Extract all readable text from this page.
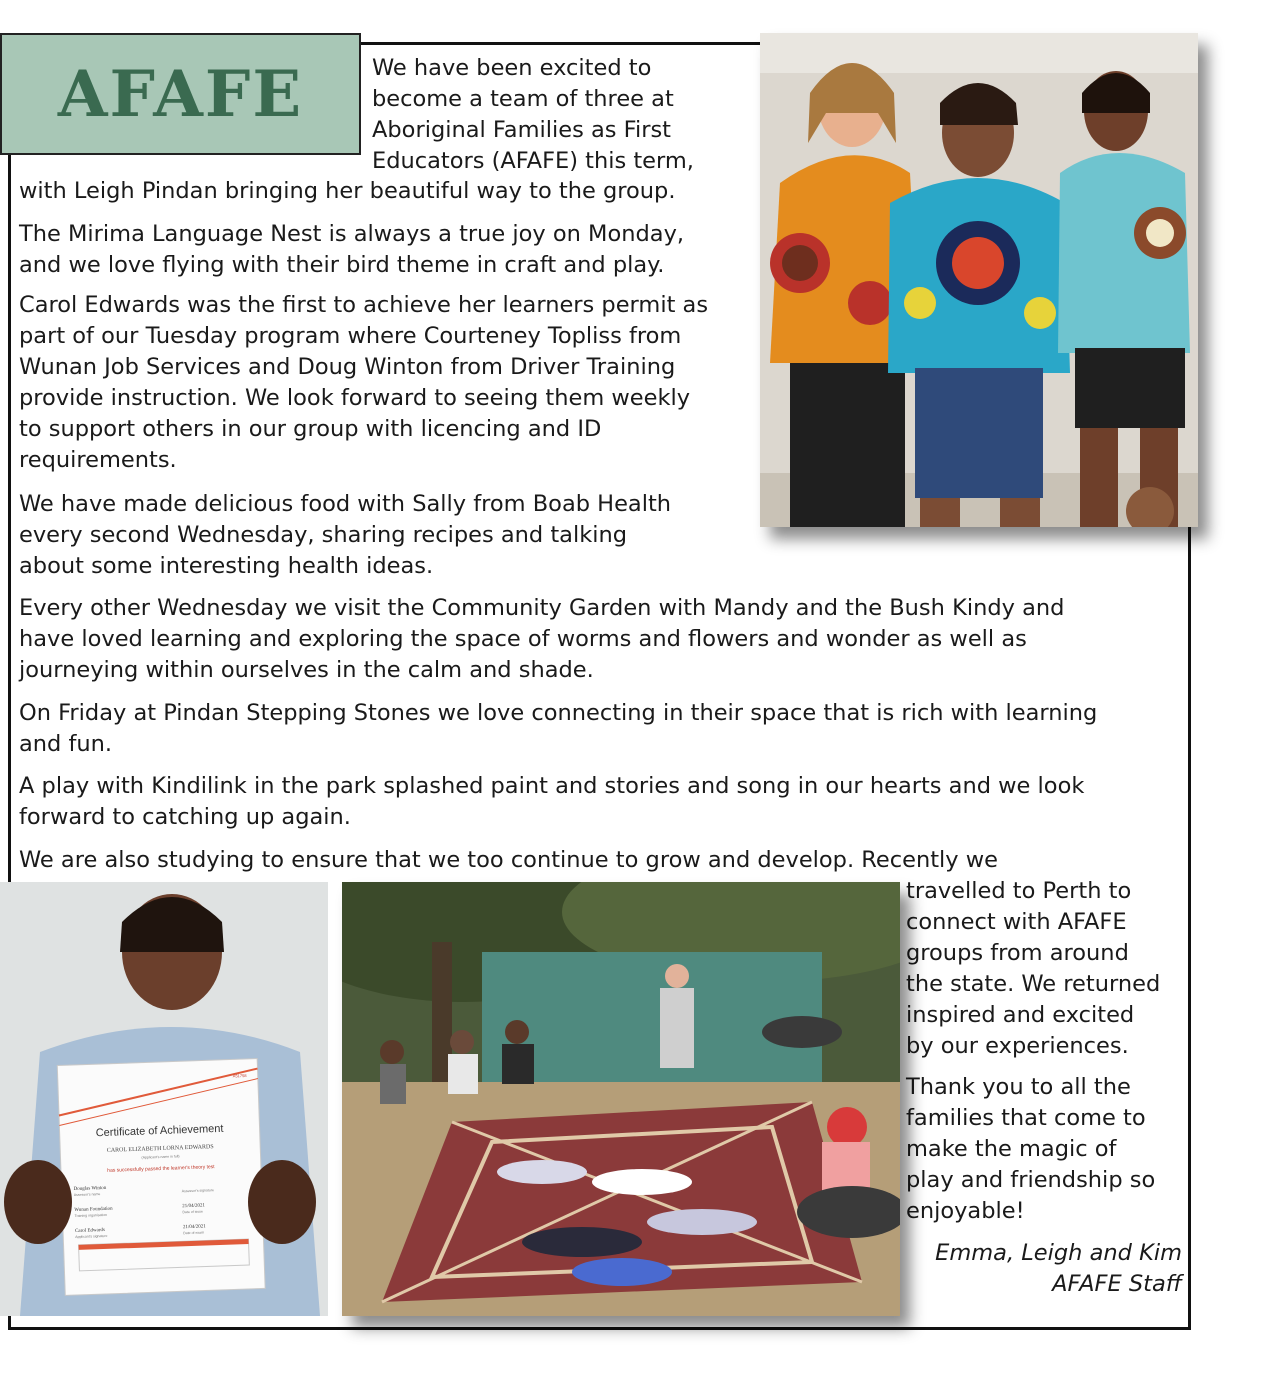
AFAFE	We have been excited to
become a team of three at
Aboriginal Families as First
Educators (AFAFE) this term,
with Leigh Pindan bringing her beautiful way to the group.
The Mirima Language Nest is always a true joy on Monday,
and we love flying with their bird theme in craft and play.
Carol Edwards was the first to achieve her learners permit as
part of our Tuesday program where Courteney Topliss from
Wunan Job Services and Doug Winton from Driver Training
provide instruction. We look forward to seeing them weekly
to support others in our group with licencing and ID
requirements.
We have made delicious food with Sally from Boab Health
every second Wednesday, sharing recipes and talking
about some interesting health ideas.
Every other Wednesday we visit the Community Garden with Mandy and the Bush Kindy and
have loved learning and exploring the space of worms and flowers and wonder as well as
journeying within ourselves in the calm and shade.
On Friday at Pindan Stepping Stones we love connecting in their space that is rich with learning
and fun.
A play with Kindilink in the park splashed paint and stories and song in our hearts and we look
forward to catching up again.
We are also studying to ensure that we too continue to grow and develop. Recently we
travelled to Perth to
connect with AFAFE
groups from around
the state. We returned
inspired and excited
by our experiences.
Thank you to all the
families that come to
make the magic of
play and friendship so
enjoyable!
Emma, Leigh and Kim
AFAFE Staff
Certificate of Achievement
CAROL ELIZABETH LORNA EDWARDS
(Applicant's name in full)
has successfully passed the learner's theory test
Douglas Winton
Assessor's name
Assessor's signature
Wunan Foundation
Training organisation
21/04/2021
Date of issue
Carol Edwards
Applicant's signature
21/04/2021
Date of exam
A51758
